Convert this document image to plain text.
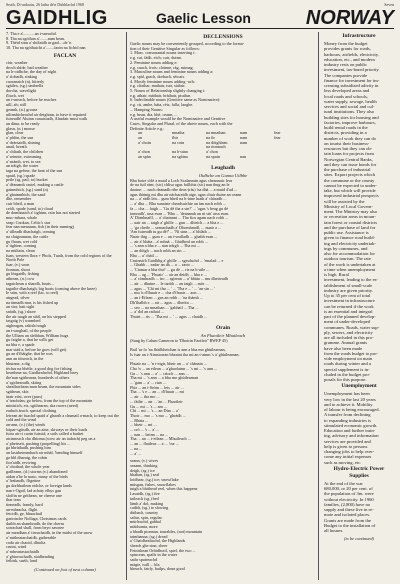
Sruth, Di-ardaoin, 26 latha de'n Dùbhlachd 1968	Seven
GAIDHLIG	Gaelic Lesson	NORWAY
7. Tha e a'...........an t-sneachd.
8. Tha na sgòthan a'........nam bean.
9. Théid sinn a' shòlaidh ar gaol....de 'n
10. Tha na sgòthaicht a'........faoin na fichid nan
FACLAN
còir, weather
droch shìde, bad weather
na h-oidhche, the day of night
a' sìobadh, sinking
caoranaich (n), bitterly
sgàilea, (sg.) umbrella
dorcha, wavelight
fliuch, wet
an t-sneach, before he reaches
uill, ah; still
geamh, (n.) grouse
uilinnhicheachd air deighinn, to have it repaired
fuireadh! Aluinn conaisiadh, Alasdair must walk
an dàna, to be ready
glasn, (n.) mouse
glan, clear
a' phlòn, the sun
a' deàrsaidh, shining
anail, breath
a' chliath, the children
a' seinnte, swimming
a' snàmh, wet, to sea
an tràigh, the water
taga na grèine, the heat of the sun
spaid, (sg.) spade
peile (sg. pail, to) bucket
a' dèanamh castel, making a castle
gainmhich, (sg.) sand (n)
a' ghainmhich, the sand
dhe, remember
cuir bheil, a man
ceòlt, spade (sand, to) cloud
de domhnaich a' tighinn, rain has not started
muc-mhara, whale
seap: Cnokan, Celtic's star
fear nan meanann, fish (in their running)
a' tilleadh dhachaigh, coming
na claigeannan, the cattle
gu fhuan, wet cold
a' tighinn, coming
na mùltain, clean
fuan, western flora + Phols, Tuath, from the cold regions of the
North Pole
fuar, (v.) soon
fionnan, shoot
gu lèagaidh, fishing
athrean, (n.) cow
tagaichean a shaodh, boats...
tagailte dhachaigh, big boats (coming above the knee)
le sràn, with a reel (lac, to reel)
airgead, silver
na tàrnadh mar, is his fished up
an sìor, bait right
snàith, (sg.) shore
the air tuagh an stàil, on his stepped
iasgaig (v) warmbed
aigheagan, rakish/rough
an t-saoghail, of the people
the Ulliam an sleibhan, William hugs
gu faighe a, that he wills get
na bha e, a spade
mar stàd a, before he goes (will get)
gu an d'fhàighe, that he was
ann an tòiseach, in the
bhuinne, a dig
tèchar na bhèile, a good dog for fishing
bearthme na, Gaidhealachd, Highland beey
the'nan sgithearan, hundreds of others
a' sgithearadh, skiing
sheallaichean mon beam, the mountain sides
sgithean, skis
àrair eiist, over (pass)
a' teachdan, go below, from the top of the mountain
ministich, eis, sgithearan, ska racers (need)
eadach àrach, special clothing
leirean air fuachd spaid a' ghaoth a chumail a-mach, to keep out the
cold and the wind
an-ann, (v.) (the) winds
loipar-sgitsdh, air an aine, skiways or their loads
fuira air ri caoin fuissid, a sails called a basket
aicinneach cho dhìoma (wow air an iadaich) peg on a
a' pheitseit, pushing (propelling) his ...
ga bhrùthadh, pushing him
an lasirheimmhach air mhàl, 'bending himself
ga bhl dharaig, the robin
fior'aidh, reviving
a' chothad, the whole year
gailleann, (d.) storms (v.) abandoned
aidan a'he la nasic, many of the birds
a' leabasdh, fligetine
gu dorbhailean oidche, or foreign lands
nan t-Ogail, lad achaty elbys gan
sloffin ne grìthean, ne cheese one
thar tean
tinneadh, frandy, hard
an-mheacha, flight
feicidh, ge, bhuachail
gariotsche Nollaga, Christmas cards
duibh an shamhradh, do the cherm
sorrachad shall, from beyo sawnee
air meadhan a' tireachaidh, in the midst of the snow
a' mitheatarchaidh, gatherable
coda air chaoid, dhiolta
cruint, wind
a' mheartastachaidh
a' ghiorrachadh, sùidheading
feibirk, surth, land
(Continued on foot of next column)
DECLENSIONS
Gaelic nouns may be conveniently grouped, according to the forma-
tion of their Genitive Singular as follows:
1. Masc. consonantal nouns inserting i:
e.g. cat, fàdh, eich; cuir, duinn.
2. Feminine nouns adding e:
e.g. cuach, frois; cloinne, ràg, ruimag.
3. Masculine nouns and feminine nouns adding a:
e.g. spàl, grach, dorbach, sèicais.
4. Mostly feminine nouns adding -ach:
e.g. cliathar, mathair, tuir, sùilair.
5. Nouns of Relationship slightly changing i:
e.g. athair, màthair, bràthair, piuthar.
6. Indeclinable nouns (Genitive same as Nominative):
e.g. cù, amhe, bàta, rèis, falla, laoghe.
... Hamping Nouns:
e.g. bean, dia, bhè, ceann, ...
A useful example would be the Nominative and Genitive
Cases, Singular and Plural, of the above nouns, each with the
Definite Article e.g.:
an	mnatha	na mnathan	nam	fear
an	fhir	na fir	nam	fear
a' choin	na coin	na dòighlean	nam

na rionnach

a' chon	na h-uian	a' chon

an spàn	na sgàina	na spain	nan

Leughadh
Oidhche an Gunna Uilbhe
Bha boire u'dè a muid a Loch Scalanrain agus cheannaic fear
de na fuil ràm; (sic) chlisa agus foilbhis (sic) nan thug an le
daoine: ... nach deanadh ribe deas-(ràs) 'na dhà ... a muid d'ad ...
agus thàinig mi dha air nàcharaidh aige, agus chuir duine an ceann
na ... a' ràdh leis... gum bheil na h-ùine luath a' chàradh ...
... a' dha ... Bha sunaiste cheadsaichte an àm nach robh ...
fa ... cha ... faigh ... 'Gu dè tha a sin?' ... 'agus 's beag gu dè
iomradh', arsa esan ... 'Bha ... 'deanamh an ni sin' arsa esan.
A' Dòmhnaill, ... a' chainnnt ... Tha fios agam nach robh ...
... uair an ... taigh a' ghille ... gun ... dhìrich ... a bha e ...
... 'ga cheile ... seanachadh a' Dhomhnaill, ... nuair a ...
'Am fuireadh tu gu dè?' ... 'Nì sinn ... a' bhlàth ...
Nuair thig ... gum e ... an t-sealladh ... ghabh esan ...
... air a' bhàta ...a' mhnà ... Gàidheal an robh ...
... 's ann a bha e ... nan tràigh ... Tha mi ...
... an dòigh ... nach robh an sin ...
Bha ... a' chàil ...
Cruinnich Gaidhlig a' ghille ... sgeulachd ... 'rmalad ... e
... Ghabh ... eadar an dà ... a ... raoir ...
... 'Ciamar a bha thu? ... gu dè ... ris na h-uile ...
Bha ... ag ... 'Fhuair' ... air an deidh ... bha e ...
... a' còmhradh ... tro ... sgìrean ... a' bhàta ... mu dheireadh
... air ... dhuine ... le taobh ... an taigh ... mòr ...
... agus ... 'Chì mi thu ... ' ... 'Tha e ... ' ... 'an sin ... '
... mu 'n d'fhuair e ... cha d'fhuair ... aon ...
... an t-Eilean ... gus an robh ... 'na thàmh ...
Dh'fhalbh e ... air ... agus ... dheòin ...
... seo ... na mnathan ... 'gabhail ... Tha ...
... a' dol an rathad ...
Thuirt ... ris ... 'Tha mi ... ' ... agus ... chaidh ...
Orain
An Fhaoileir Mhuileach
(Sung by Calum Cameron to 'Dhoirin Faoileir'' RWEP 45)

Bail 'ur fo 'na fhàilbheichan is ann a bha mo ghùilearnan,
Is fuar an t-Àimsiorran bheaint tha mi an t-ainm 's a' ghùilearnan;
...
Fhuair na ... 'n t-eigir, bheir an ... a' chànain ...
Cha 'n ... an eilean ... a'ghaolainn ... 's mi ... 's ann ...
Gu ... 's ann ... a' ... crìoch ... ann ...
Tha mi ... 's ann ... a bha mo ghùilearnan
... 'gam ... a' ... rian ...
Fhir ... an t-Sròm ... leis ... air ...
Tha ... 's e ... an ... d'fhuair ... mi
... air ... tha mo ...
... fàilte ... air ... 'an ... Fhaoileir
Gu ... mi ... 's ... am ...
Chì ... mi ... 's ... an Dùn ... a'
Thoir ... mo ... 's mo ... 'ghràdh ...
... Bhàta ...
... bheir ... mi ...
... crò ... 's ... a' ...
... nan ... beinn ... na ...
Tha ... an ... t-eilean ... Mhuileach ...
... an ... fhaileas ... a ... 'cur ...
... na ...
... a' ...
seann, (v.) wives
seaann, thinking
deigh, (sg.) ice
bhaban, (sg.) seal
loidhear, (sg.) ice; snowflake
mùsgan, fishes, snowflakes
tuigh a bhithead reel, when this happens
Lasaidh, (sg.) fire
taileach (sg.) bed
làmh a' dol, making
cadàlt, (sg.) to slowing
dùtbach, country
saltar, spin, regular
mùrleachd, gabhal
màidsanta, more
a bhadh pionnan, tourables, (not) mountain
taimbanna, (sg.) dread
a' Chaidhealtachd, the Highlands
sheach ghe sinn, sheer
Feinishean Orbidhseil, spiel, the two ...
spincean, spalls in the water
sathr spaireachd
màgie, tuill ... bla
bheach, fairly, bailps, doun good
Infrastructure
Money from the budget
provides grants for roads,
harbours, airfields, electricity,
education, etc., and modern
industry rests on public
investment, tax-bared priority.
The companies provide
finance for investment for im-
creasing subsidized adivity in
less developed areas and
local roads and schools,
water supply, sewage, health
services and social and cul-
tural institutions. They also
building sites for housing and
factories, improve harbours,
build rental roads in the
districts, providing in a
number of work they can do
on tourist their business-
resources but they can ob-
tain loans for projects from
Norwegian Central Banks,
and they can issue bonds for
the purchase of industrial
sites. Export projects which
the commune or the county
cannot be expected to under-
take, but which will provide
improved industrial prospects
will be assisted by the
Ministry of Local Govern-
ment. The Ministry may also
or recreation areas in moun-
tain forest or coastal districts
and the purchase of land for
public use. Assistance is
given to finance road build-
ing and electricity undertak-
ings by communes, and
also for accommodation for
outdoor tourism. The rate
of the work is undertaken at
a time when unemployment
is high. Rural
investment, leading to the es-
tablishment of small-scale
industry are given priority.
Up to 35 per cent of total
investment in infrastructure
can be returned if the work
is an essential and integral
part of the planned develop-
ment of under-developed
communes. Roads, water sup-
ply, sewers, and electricity
are all included in this pro-
gramme. Annual grants
have also been made
from the roads budget to pro-
vide employment on main
roads during winter and a
special supplement is in-
cluded in the budget pro-
posals for this purpose.
Unemployment
Unemployment has been
very low in the last 20 years
and to achieve it. Mobility
of labour is being encouraged.
A transfer from declining
to expanding industries is
stimulated economic growth.
Education and further train-
ing, advisory and information
services are provided and
help is given to persons
changing jobs to help over-
come any initial expenses
such as moving, etc.
Hydro-Electric Power Supplies
At the end of the war
680,000, or 20 per cent. of
the population of 3m. were
without electricity. In 1960
families, (2,800) have no
supply and these live in re-
mote and isolated places.
Grants are made from the
Budget to the installation of
all houses.
(to be continued)
